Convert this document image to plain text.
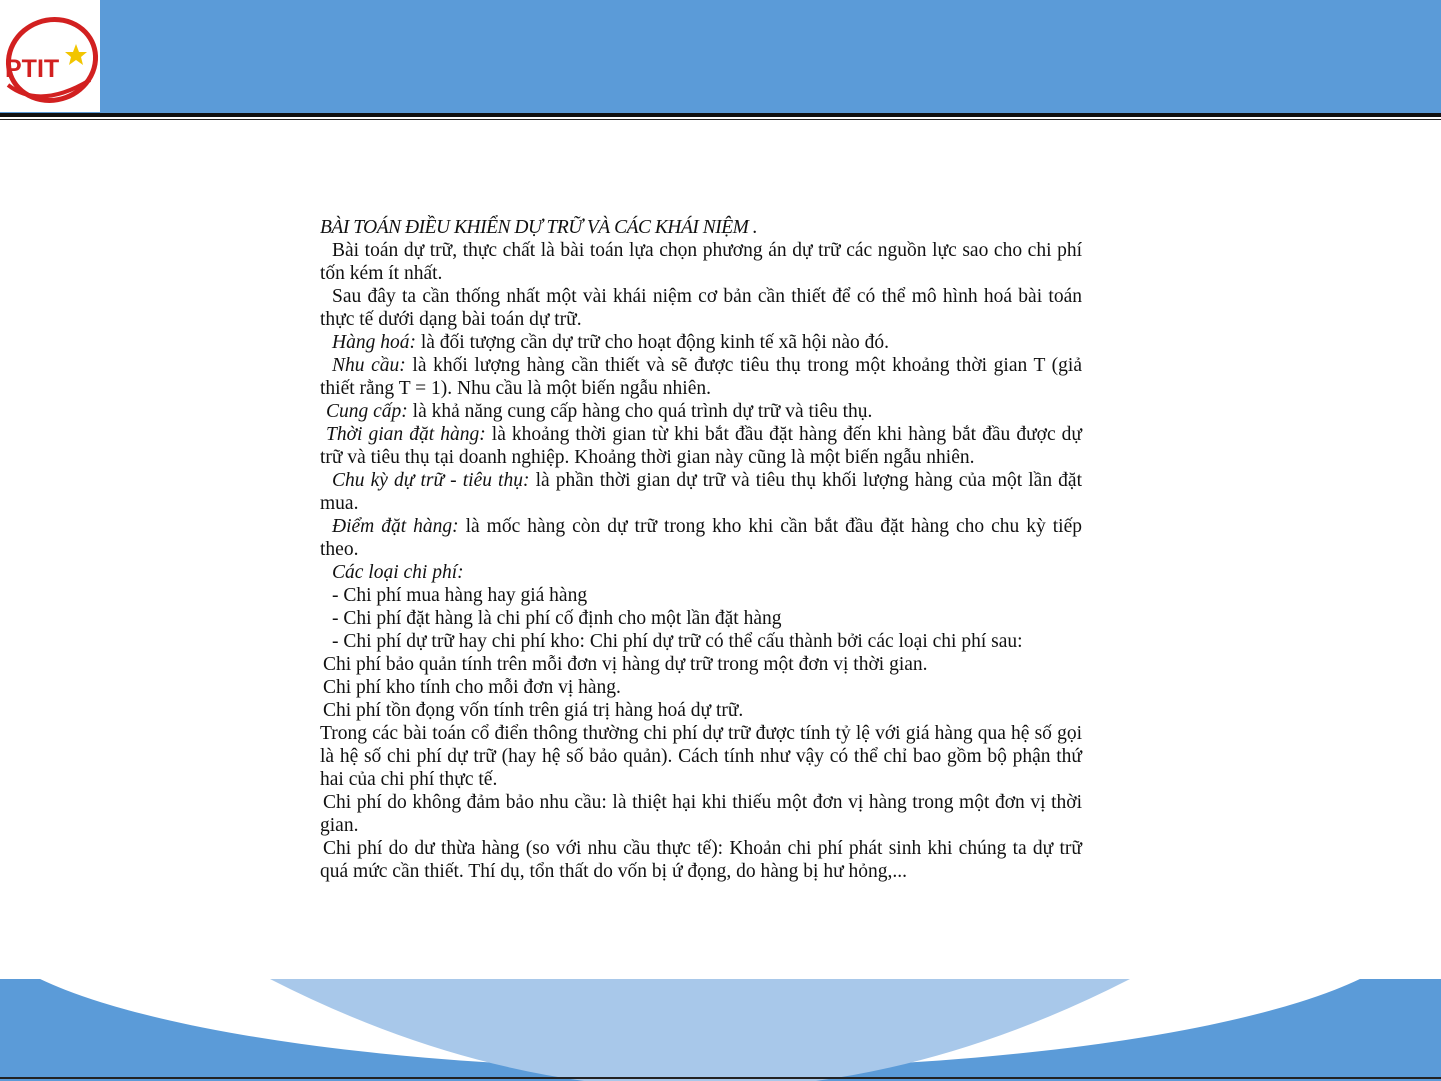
PTIT

BÀI TOÁN ĐIỀU KHIỂN DỰ TRỮ VÀ CÁC KHÁI NIỆM .

Bài toán dự trữ, thực chất là bài toán lựa chọn phương án dự trữ các nguồn lực sao cho chi phí tốn kém ít nhất.

Sau đây ta cần thống nhất một vài khái niệm cơ bản cần thiết để có thể mô hình hoá bài toán thực tế dưới dạng bài toán dự trữ.

Hàng hoá: là đối tượng cần dự trữ cho hoạt động kinh tế xã hội nào đó.

Nhu cầu: là khối lượng hàng cần thiết và sẽ được tiêu thụ trong một khoảng thời gian T (giả thiết rằng T = 1). Nhu cầu là một biến ngẫu nhiên.

Cung cấp: là khả năng cung cấp hàng cho quá trình dự trữ và tiêu thụ.

Thời gian đặt hàng: là khoảng thời gian từ khi bắt đầu đặt hàng đến khi hàng bắt đầu được dự trữ và tiêu thụ tại doanh nghiệp. Khoảng thời gian này cũng là một biến ngẫu nhiên.

Chu kỳ dự trữ - tiêu thụ: là phần thời gian dự trữ và tiêu thụ khối lượng hàng của một lần đặt mua.

Điểm đặt hàng: là mốc hàng còn dự trữ trong kho khi cần bắt đầu đặt hàng cho chu kỳ tiếp theo.

Các loại chi phí:

- Chi phí mua hàng hay giá hàng

- Chi phí đặt hàng là chi phí cố định cho một lần đặt hàng

- Chi phí dự trữ hay chi phí kho: Chi phí dự trữ có thể cấu thành bởi các loại chi phí sau:

Chi phí bảo quản tính trên mỗi đơn vị hàng dự trữ trong một đơn vị thời gian.

Chi phí kho tính cho mỗi đơn vị hàng.

Chi phí tồn đọng vốn tính trên giá trị hàng hoá dự trữ.

Trong các bài toán cổ điển thông thường chi phí dự trữ được tính tỷ lệ với giá hàng qua hệ số gọi là hệ số chi phí dự trữ (hay hệ số bảo quản). Cách tính như vậy có thể chỉ bao gồm bộ phận thứ hai của chi phí thực tế.

Chi phí do không đảm bảo nhu cầu: là thiệt hại khi thiếu một đơn vị hàng trong một đơn vị thời gian.

Chi phí do dư thừa hàng (so với nhu cầu thực tế): Khoản chi phí phát sinh khi chúng ta dự trữ quá mức cần thiết. Thí dụ, tổn thất do vốn bị ứ đọng, do hàng bị hư hỏng,...
